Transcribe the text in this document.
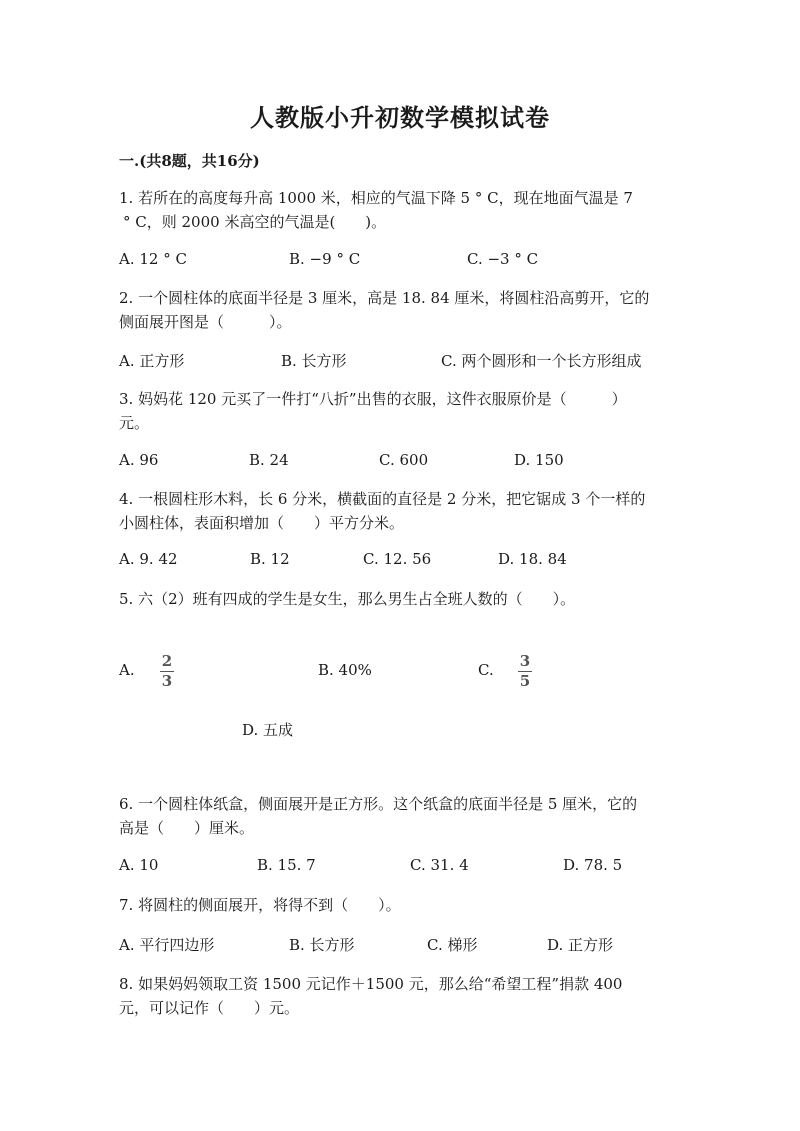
人教版小升初数学模拟试卷
一.(共8题，共16分)
1. 若所在的高度每升高 1000 米，相应的气温下降 5 ° C，现在地面气温是 7
° C，则 2000 米高空的气温是(　　)。
A. 12 ° C	B. −9 ° C	C. −3 ° C
2. 一个圆柱体的底面半径是 3 厘米，高是 18. 84 厘米，将圆柱沿高剪开，它的
侧面展开图是（　　　）。
A. 正方形	B. 长方形	C. 两个圆形和一个长方形组成
3. 妈妈花 120 元买了一件打“八折”出售的衣服，这件衣服原价是（　　　）
元。
A. 96	B. 24	C. 600	D. 150
4. 一根圆柱形木料，长 6 分米，横截面的直径是 2 分米，把它锯成 3 个一样的
小圆柱体，表面积增加（　　）平方分米。
A. 9. 42	B. 12	C. 12. 56	D. 18. 84
5. 六（2）班有四成的学生是女生，那么男生占全班人数的（　　）。
A. 2
3
B. 40%	C. 3
5
D. 五成
6. 一个圆柱体纸盒，侧面展开是正方形。这个纸盒的底面半径是 5 厘米，它的
高是（　　）厘米。
A. 10	B. 15. 7	C. 31. 4	D. 78. 5
7. 将圆柱的侧面展开，将得不到（　　）。
A. 平行四边形	B. 长方形	C. 梯形	D. 正方形
8. 如果妈妈领取工资 1500 元记作＋1500 元，那么给“希望工程”捐款 400
元，可以记作（　　）元。
